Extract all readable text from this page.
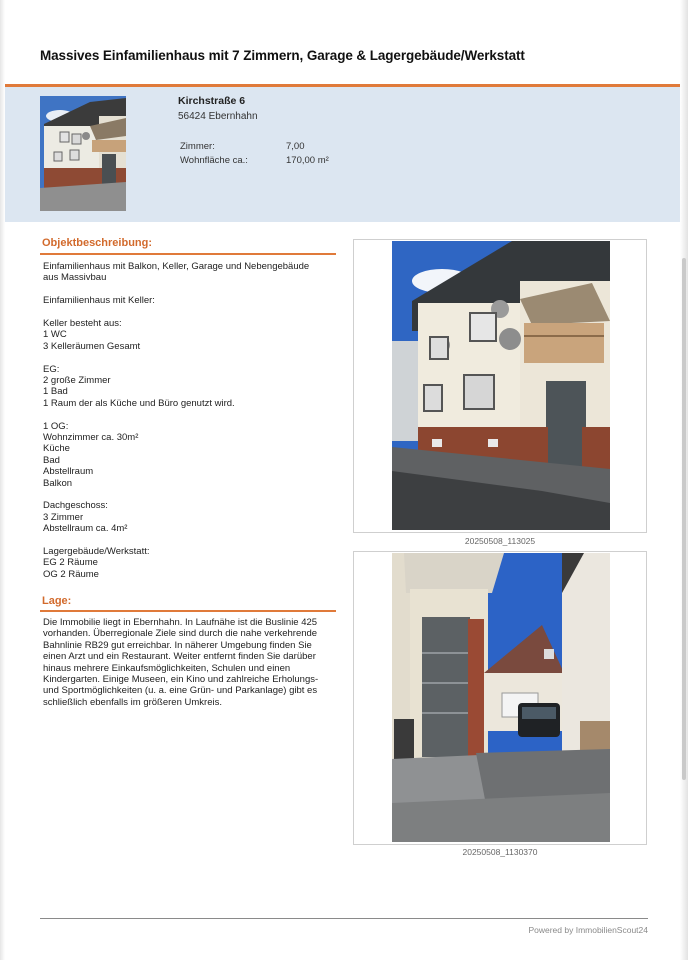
Massives Einfamilienhaus mit 7 Zimmern, Garage & Lagergebäude/Werkstatt
Kirchstraße 6
56424 Ebernhahn
Zimmer:	7,00
Wohnfläche ca.:	170,00 m²
Objektbeschreibung:
Einfamilienhaus mit Balkon, Keller, Garage und Nebengebäude
aus Massivbau
Einfamilienhaus mit Keller:
Keller besteht aus:
1 WC
3 Kelleräumen Gesamt
EG:
2 große Zimmer
1 Bad
1 Raum der als Küche und Büro genutzt wird.
1 OG:
Wohnzimmer ca. 30m²
Küche
Bad
Abstellraum
Balkon
Dachgeschoss:
3 Zimmer
Abstellraum ca. 4m²
Lagergebäude/Werkstatt:
EG 2 Räume
OG 2 Räume
Lage:
Die Immobilie liegt in Ebernhahn. In Laufnähe ist die Buslinie 425
vorhanden. Überregionale Ziele sind durch die nahe verkehrende
Bahnlinie RB29 gut erreichbar. In näherer Umgebung finden Sie
einen Arzt und ein Restaurant. Weiter entfernt finden Sie darüber
hinaus mehrere Einkaufsmöglichkeiten, Schulen und einen
Kindergarten. Einige Museen, ein Kino und zahlreiche Erholungs-
und Sportmöglichkeiten (u. a. eine Grün- und Parkanlage) gibt es
schließlich ebenfalls im größeren Umkreis.
20250508_113025
20250508_1130370
Powered by ImmobilienScout24
